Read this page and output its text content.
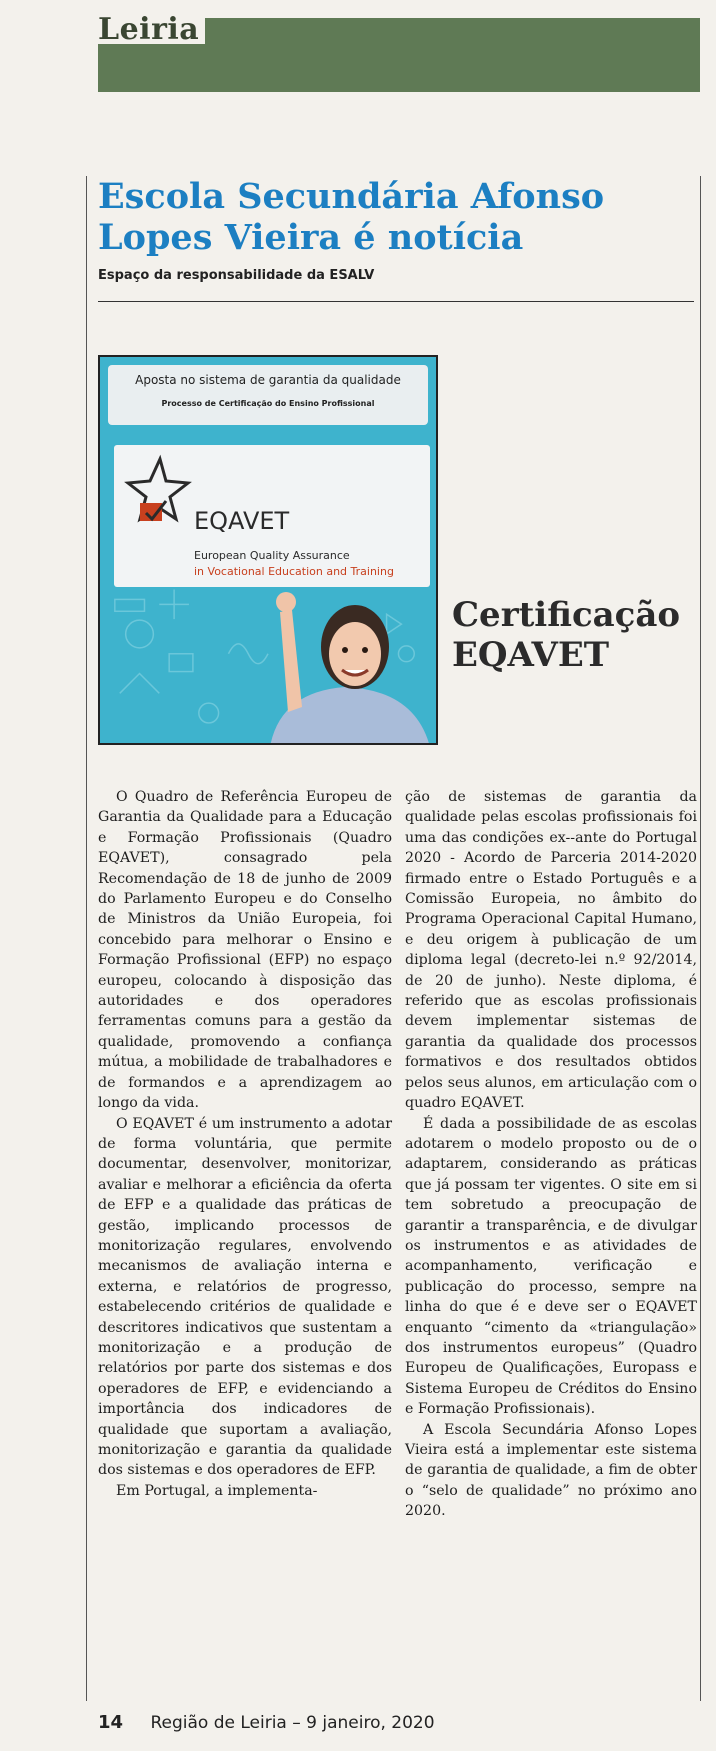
Leiria
Escola Secundária Afonso
Lopes Vieira é notícia
Espaço da responsabilidade da ESALV
Aposta no sistema de garantia da qualidade
Processo de Certificação do Ensino Profissional
EQAVET
European Quality Assurance
in Vocational Education and Training
Certificação
EQAVET

O Quadro de Referência Europeu de Garantia da Qualidade para a Educação e Formação Profissionais (Quadro EQAVET), consagrado pela Recomendação de 18 de junho de 2009 do Parlamento Europeu e do Conselho de Ministros da União Europeia, foi concebido para melhorar o Ensino e Formação Profissional (EFP) no espaço europeu, colocando à disposição das autoridades e dos operadores ferramentas comuns para a gestão da qualidade, promovendo a confiança mútua, a mobilidade de trabalhadores e de formandos e a aprendizagem ao longo da vida.

O EQAVET é um instrumento a adotar de forma voluntária, que permite documentar, desenvolver, monitorizar, avaliar e melhorar a eficiência da oferta de EFP e a qualidade das práticas de gestão, implicando processos de monitorização regulares, envolvendo mecanismos de avaliação interna e externa, e relatórios de progresso, estabelecendo critérios de qualidade e descritores indicativos que sustentam a monitorização e a produção de relatórios por parte dos sistemas e dos operadores de EFP, e evidenciando a importância dos indicadores de qualidade que suportam a avaliação, monitorização e garantia da qualidade dos sistemas e dos operadores de EFP.

Em Portugal, a implementa-

ção de sistemas de garantia da qualidade pelas escolas profissionais foi uma das condições ex--ante do Portugal 2020 - Acordo de Parceria 2014-2020 firmado entre o Estado Português e a Comissão Europeia, no âmbito do Programa Operacional Capital Humano, e deu origem à publicação de um diploma legal (decreto-lei n.º 92/2014, de 20 de junho). Neste diploma, é referido que as escolas profissionais devem implementar sistemas de garantia da qualidade dos processos formativos e dos resultados obtidos pelos seus alunos, em articulação com o quadro EQAVET.

É dada a possibilidade de as escolas adotarem o modelo proposto ou de o adaptarem, considerando as práticas que já possam ter vigentes. O site em si tem sobretudo a preocupação de garantir a transparência, e de divulgar os instrumentos e as atividades de acompanhamento, verificação e publicação do processo, sempre na linha do que é e deve ser o EQAVET enquanto “cimento da «triangulação» dos instrumentos europeus” (Quadro Europeu de Qualificações, Europass e Sistema Europeu de Créditos do Ensino e Formação Profissionais).

A Escola Secundária Afonso Lopes Vieira está a implementar este sistema de garantia de qualidade, a fim de obter o “selo de qualidade” no próximo ano 2020.

14 Região de Leiria – 9 janeiro, 2020
